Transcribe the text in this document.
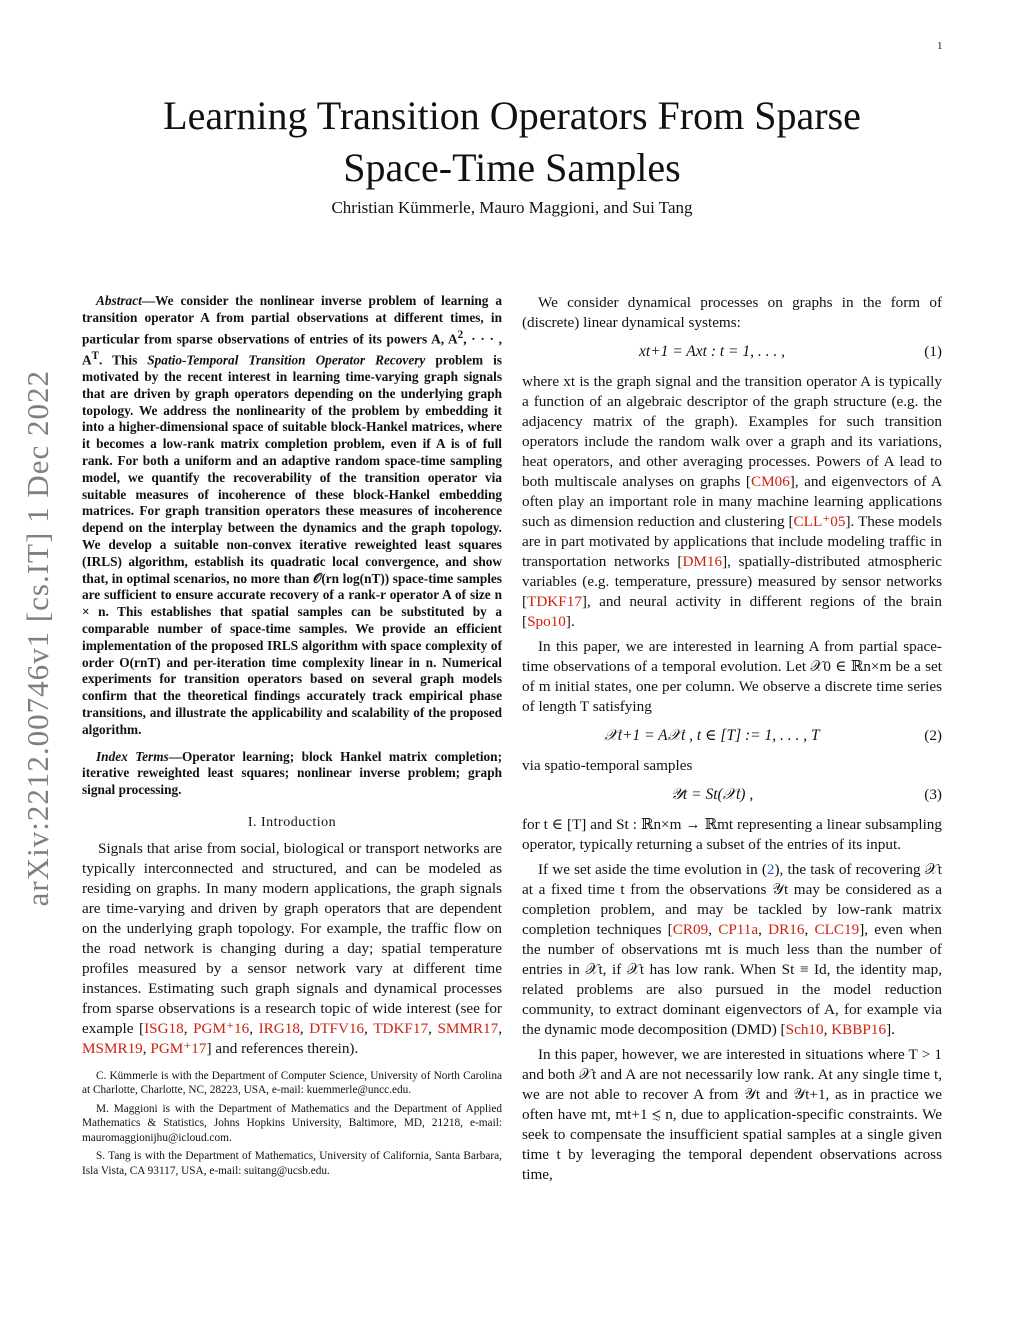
1
arXiv:2212.00746v1 [cs.IT] 1 Dec 2022
Learning Transition Operators From Sparse
Space-Time Samples
Christian Kümmerle, Mauro Maggioni, and Sui Tang

Abstract—We consider the nonlinear inverse problem of learning a transition operator A from partial observations at different times, in particular from sparse observations of entries of its powers A, $A^2$, · · · , $A^T$. This Spatio-Temporal Transition Operator Recovery problem is motivated by the recent interest in learning time-varying graph signals that are driven by graph operators depending on the underlying graph topology. We address the nonlinearity of the problem by embedding it into a higher-dimensional space of suitable block-Hankel matrices, where it becomes a low-rank matrix completion problem, even if A is of full rank. For both a uniform and an adaptive random space-time sampling model, we quantify the recoverability of the transition operator via suitable measures of incoherence of these block-Hankel embedding matrices. For graph transition operators these measures of incoherence depend on the interplay between the dynamics and the graph topology. We develop a suitable non-convex iterative reweighted least squares (IRLS) algorithm, establish its quadratic local convergence, and show that, in optimal scenarios, no more than 𝒪(rn log(nT)) space-time samples are sufficient to ensure accurate recovery of a rank-r operator A of size n × n. This establishes that spatial samples can be substituted by a comparable number of space-time samples. We provide an efficient implementation of the proposed IRLS algorithm with space complexity of order O(rnT) and per-iteration time complexity linear in n. Numerical experiments for transition operators based on several graph models confirm that the theoretical findings accurately track empirical phase transitions, and illustrate the applicability and scalability of the proposed algorithm.

Index Terms—Operator learning; block Hankel matrix completion; iterative reweighted least squares; nonlinear inverse problem; graph signal processing.

I. Introduction

Signals that arise from social, biological or transport networks are typically interconnected and structured, and can be modeled as residing on graphs. In many modern applications, the graph signals are time-varying and driven by graph operators that are dependent on the underlying graph topology. For example, the traffic flow on the road network is changing during a day; spatial temperature profiles measured by a sensor network vary at different time instances. Estimating such graph signals and dynamical processes from sparse observations is a research topic of wide interest (see for example [ISG18, PGM⁺16, IRG18, DTFV16, TDKF17, SMMR17, MSMR19, PGM⁺17] and references therein).

C. Kümmerle is with the Department of Computer Science, University of North Carolina at Charlotte, Charlotte, NC, 28223, USA, e-mail: kuemmerle@uncc.edu.

M. Maggioni is with the Department of Mathematics and the Department of Applied Mathematics & Statistics, Johns Hopkins University, Baltimore, MD, 21218, e-mail: mauromaggionijhu@icloud.com.

S. Tang is with the Department of Mathematics, University of California, Santa Barbara, Isla Vista, CA 93117, USA, e-mail: suitang@ucsb.edu.

We consider dynamical processes on graphs in the form of (discrete) linear dynamical systems:

xt+1 = Axt : t = 1, . . . ,	(1)

where xt is the graph signal and the transition operator A is typically a function of an algebraic descriptor of the graph structure (e.g. the adjacency matrix of the graph). Examples for such transition operators include the random walk over a graph and its variations, heat operators, and other averaging processes. Powers of A lead to both multiscale analyses on graphs [CM06], and eigenvectors of A often play an important role in many machine learning applications such as dimension reduction and clustering [CLL⁺05]. These models are in part motivated by applications that include modeling traffic in transportation networks [DM16], spatially-distributed atmospheric variables (e.g. temperature, pressure) measured by sensor networks [TDKF17], and neural activity in different regions of the brain [Spo10].

In this paper, we are interested in learning A from partial space-time observations of a temporal evolution. Let 𝒳0 ∈ ℝn×m be a set of m initial states, one per column. We observe a discrete time series of length T satisfying

𝒳t+1 = A𝒳t , t ∈ [T] := 1, . . . , T	(2)

via spatio-temporal samples

𝒴t = St(𝒳t) ,	(3)

for t ∈ [T] and St : ℝn×m → ℝmt representing a linear subsampling operator, typically returning a subset of the entries of its input.

If we set aside the time evolution in (2), the task of recovering 𝒳t at a fixed time t from the observations 𝒴t may be considered as a completion problem, and may be tackled by low-rank matrix completion techniques [CR09, CP11a, DR16, CLC19], even when the number of observations mt is much less than the number of entries in 𝒳t, if 𝒳t has low rank. When St ≡ Id, the identity map, related problems are also pursued in the model reduction community, to extract dominant eigenvectors of A, for example via the dynamic mode decomposition (DMD) [Sch10, KBBP16].

In this paper, however, we are interested in situations where T > 1 and both 𝒳t and A are not necessarily low rank. At any single time t, we are not able to recover A from 𝒴t and 𝒴t+1, as in practice we often have mt, mt+1 ≲ n, due to application-specific constraints. We seek to compensate the insufficient spatial samples at a single given time t by leveraging the temporal dependent observations across time,
